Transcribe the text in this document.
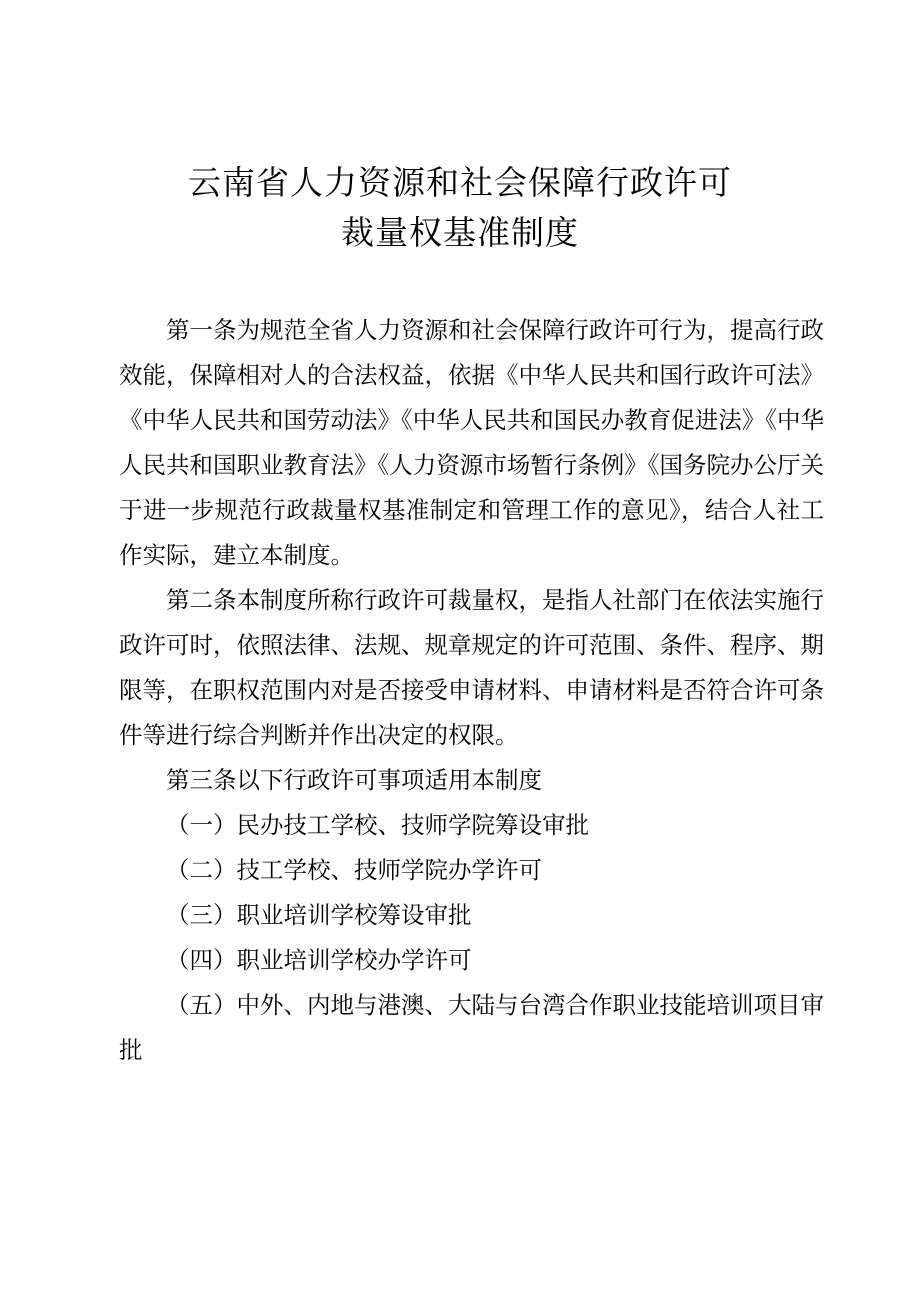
云南省人力资源和社会保障行政许可
裁量权基准制度

第一条为规范全省人力资源和社会保障行政许可行为，提高行政效能，保障相对人的合法权益，依据《中华人民共和国行政许可法》《中华人民共和国劳动法》《中华人民共和国民办教育促进法》《中华人民共和国职业教育法》《人力资源市场暂行条例》《国务院办公厅关于进一步规范行政裁量权基准制定和管理工作的意见》，结合人社工作实际，建立本制度。

第二条本制度所称行政许可裁量权，是指人社部门在依法实施行政许可时，依照法律、法规、规章规定的许可范围、条件、程序、期限等，在职权范围内对是否接受申请材料、申请材料是否符合许可条件等进行综合判断并作出决定的权限。

第三条以下行政许可事项适用本制度

（一）民办技工学校、技师学院筹设审批

（二）技工学校、技师学院办学许可

（三）职业培训学校筹设审批

（四）职业培训学校办学许可

（五）中外、内地与港澳、大陆与台湾合作职业技能培训项目审批
